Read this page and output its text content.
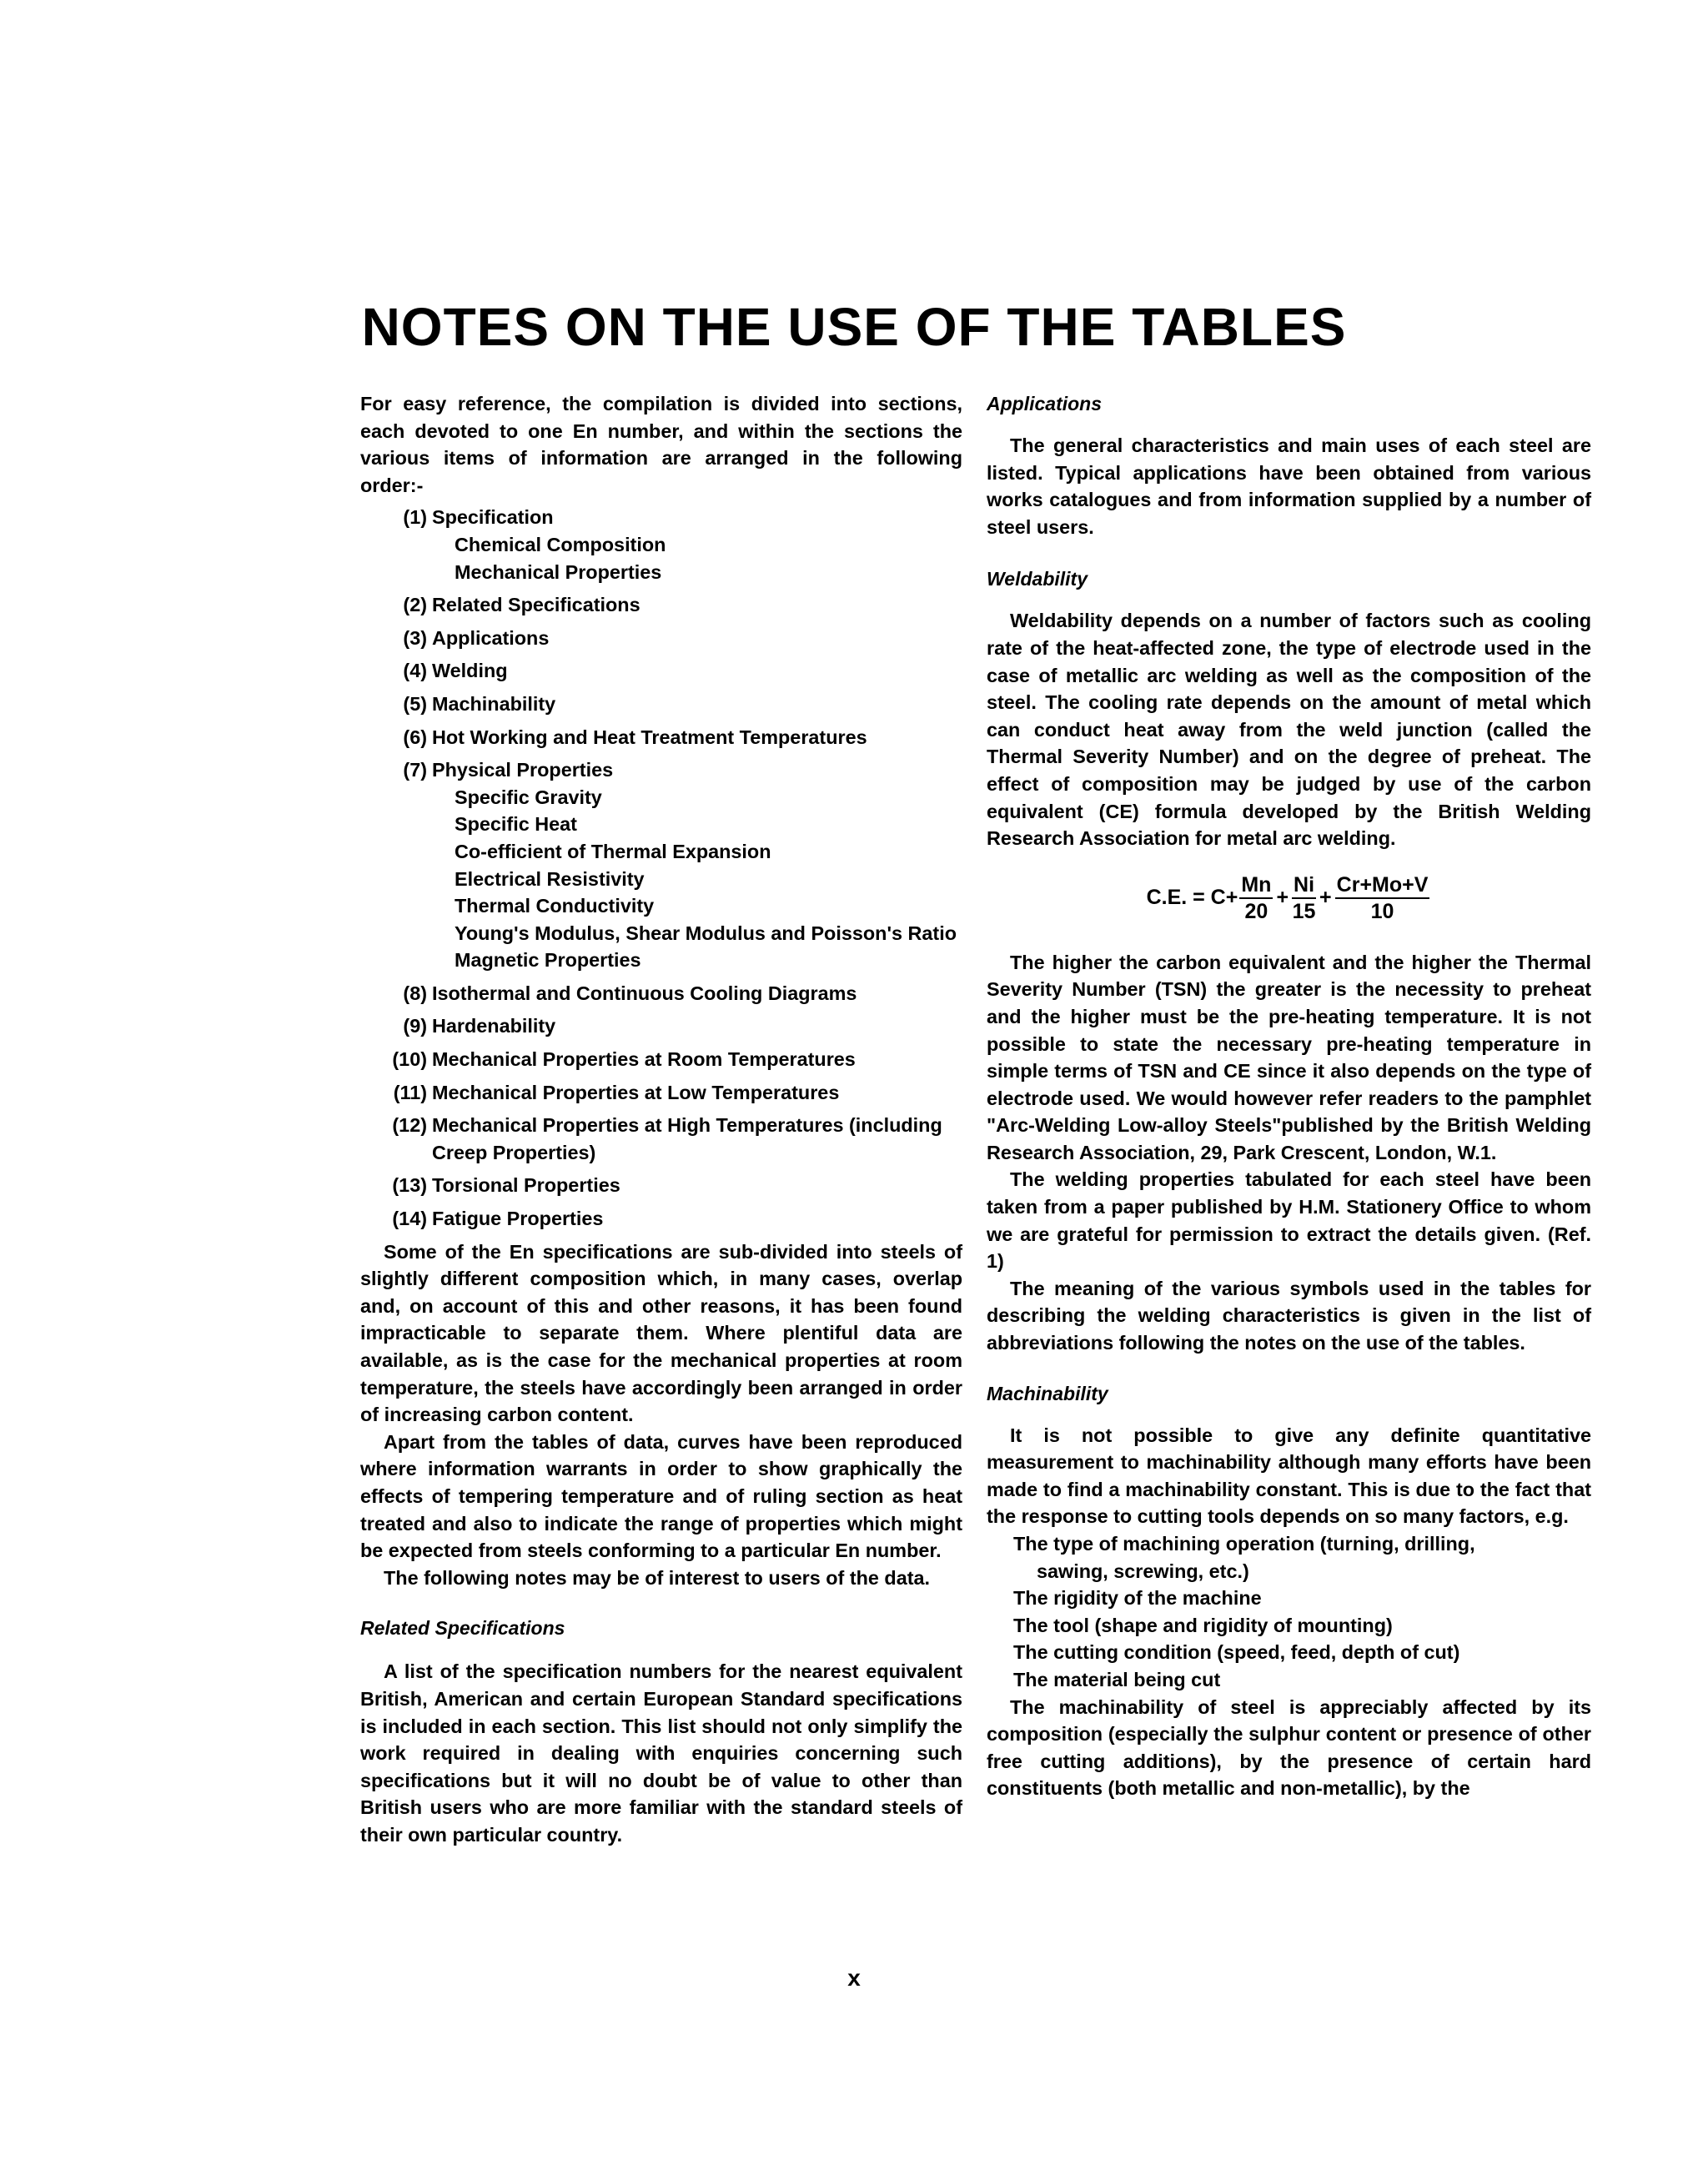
NOTES ON THE USE OF THE TABLES

For easy reference, the compilation is divided into sections, each devoted to one En number, and within the sections the various items of information are arranged in the following order:-

(1) Specification
Chemical Composition
Mechanical Properties
(2) Related Specifications
(3) Applications
(4) Welding
(5) Machinability
(6) Hot Working and Heat Treatment Temperatures
(7) Physical Properties
Specific Gravity
Specific Heat
Co-efficient of Thermal Expansion
Electrical Resistivity
Thermal Conductivity
Young's Modulus, Shear Modulus and Poisson's Ratio
Magnetic Properties
(8) Isothermal and Continuous Cooling Diagrams
(9) Hardenability
(10) Mechanical Properties at Room Temperatures
(11) Mechanical Properties at Low Temperatures
(12) Mechanical Properties at High Temperatures (including Creep Properties)
(13) Torsional Properties
(14) Fatigue Properties

Some of the En specifications are sub-divided into steels of slightly different composition which, in many cases, overlap and, on account of this and other reasons, it has been found impracticable to separate them. Where plentiful data are available, as is the case for the mechanical properties at room temperature, the steels have accordingly been arranged in order of increasing carbon content.

Apart from the tables of data, curves have been reproduced where information warrants in order to show graphically the effects of tempering temperature and of ruling section as heat treated and also to indicate the range of properties which might be expected from steels conforming to a particular En number.

The following notes may be of interest to users of the data.

Related Specifications

A list of the specification numbers for the nearest equivalent British, American and certain European Standard specifications is included in each section. This list should not only simplify the work required in dealing with enquiries concerning such specifications but it will no doubt be of value to other than British users who are more familiar with the standard steels of their own particular country.

Applications

The general characteristics and main uses of each steel are listed. Typical applications have been obtained from various works catalogues and from information supplied by a number of steel users.

Weldability

Weldability depends on a number of factors such as cooling rate of the heat-affected zone, the type of electrode used in the case of metallic arc welding as well as the composition of the steel. The cooling rate depends on the amount of metal which can conduct heat away from the weld junction (called the Thermal Severity Number) and on the degree of preheat. The effect of composition may be judged by use of the carbon equivalent (CE) formula developed by the British Welding Research Association for metal arc welding.

C.E. = $C+ \frac{Mn}{20} + \frac{Ni}{15} + \frac{Cr+Mo+V}{10}$

The higher the carbon equivalent and the higher the Thermal Severity Number (TSN) the greater is the necessity to preheat and the higher must be the pre-heating temperature. It is not possible to state the necessary pre-heating temperature in simple terms of TSN and CE since it also depends on the type of electrode used. We would however refer readers to the pamphlet "Arc-Welding Low-alloy Steels"published by the British Welding Research Association, 29, Park Crescent, London, W.1.

The welding properties tabulated for each steel have been taken from a paper published by H.M. Stationery Office to whom we are grateful for permission to extract the details given. (Ref. 1)

The meaning of the various symbols used in the tables for describing the welding characteristics is given in the list of abbreviations following the notes on the use of the tables.

Machinability

It is not possible to give any definite quantitative measurement to machinability although many efforts have been made to find a machinability constant. This is due to the fact that the response to cutting tools depends on so many factors, e.g.

The type of machining operation (turning, drilling,
sawing, screwing, etc.)
The rigidity of the machine
The tool (shape and rigidity of mounting)
The cutting condition (speed, feed, depth of cut)
The material being cut

The machinability of steel is appreciably affected by its composition (especially the sulphur content or presence of other free cutting additions), by the presence of certain hard constituents (both metallic and non-metallic), by the

x
